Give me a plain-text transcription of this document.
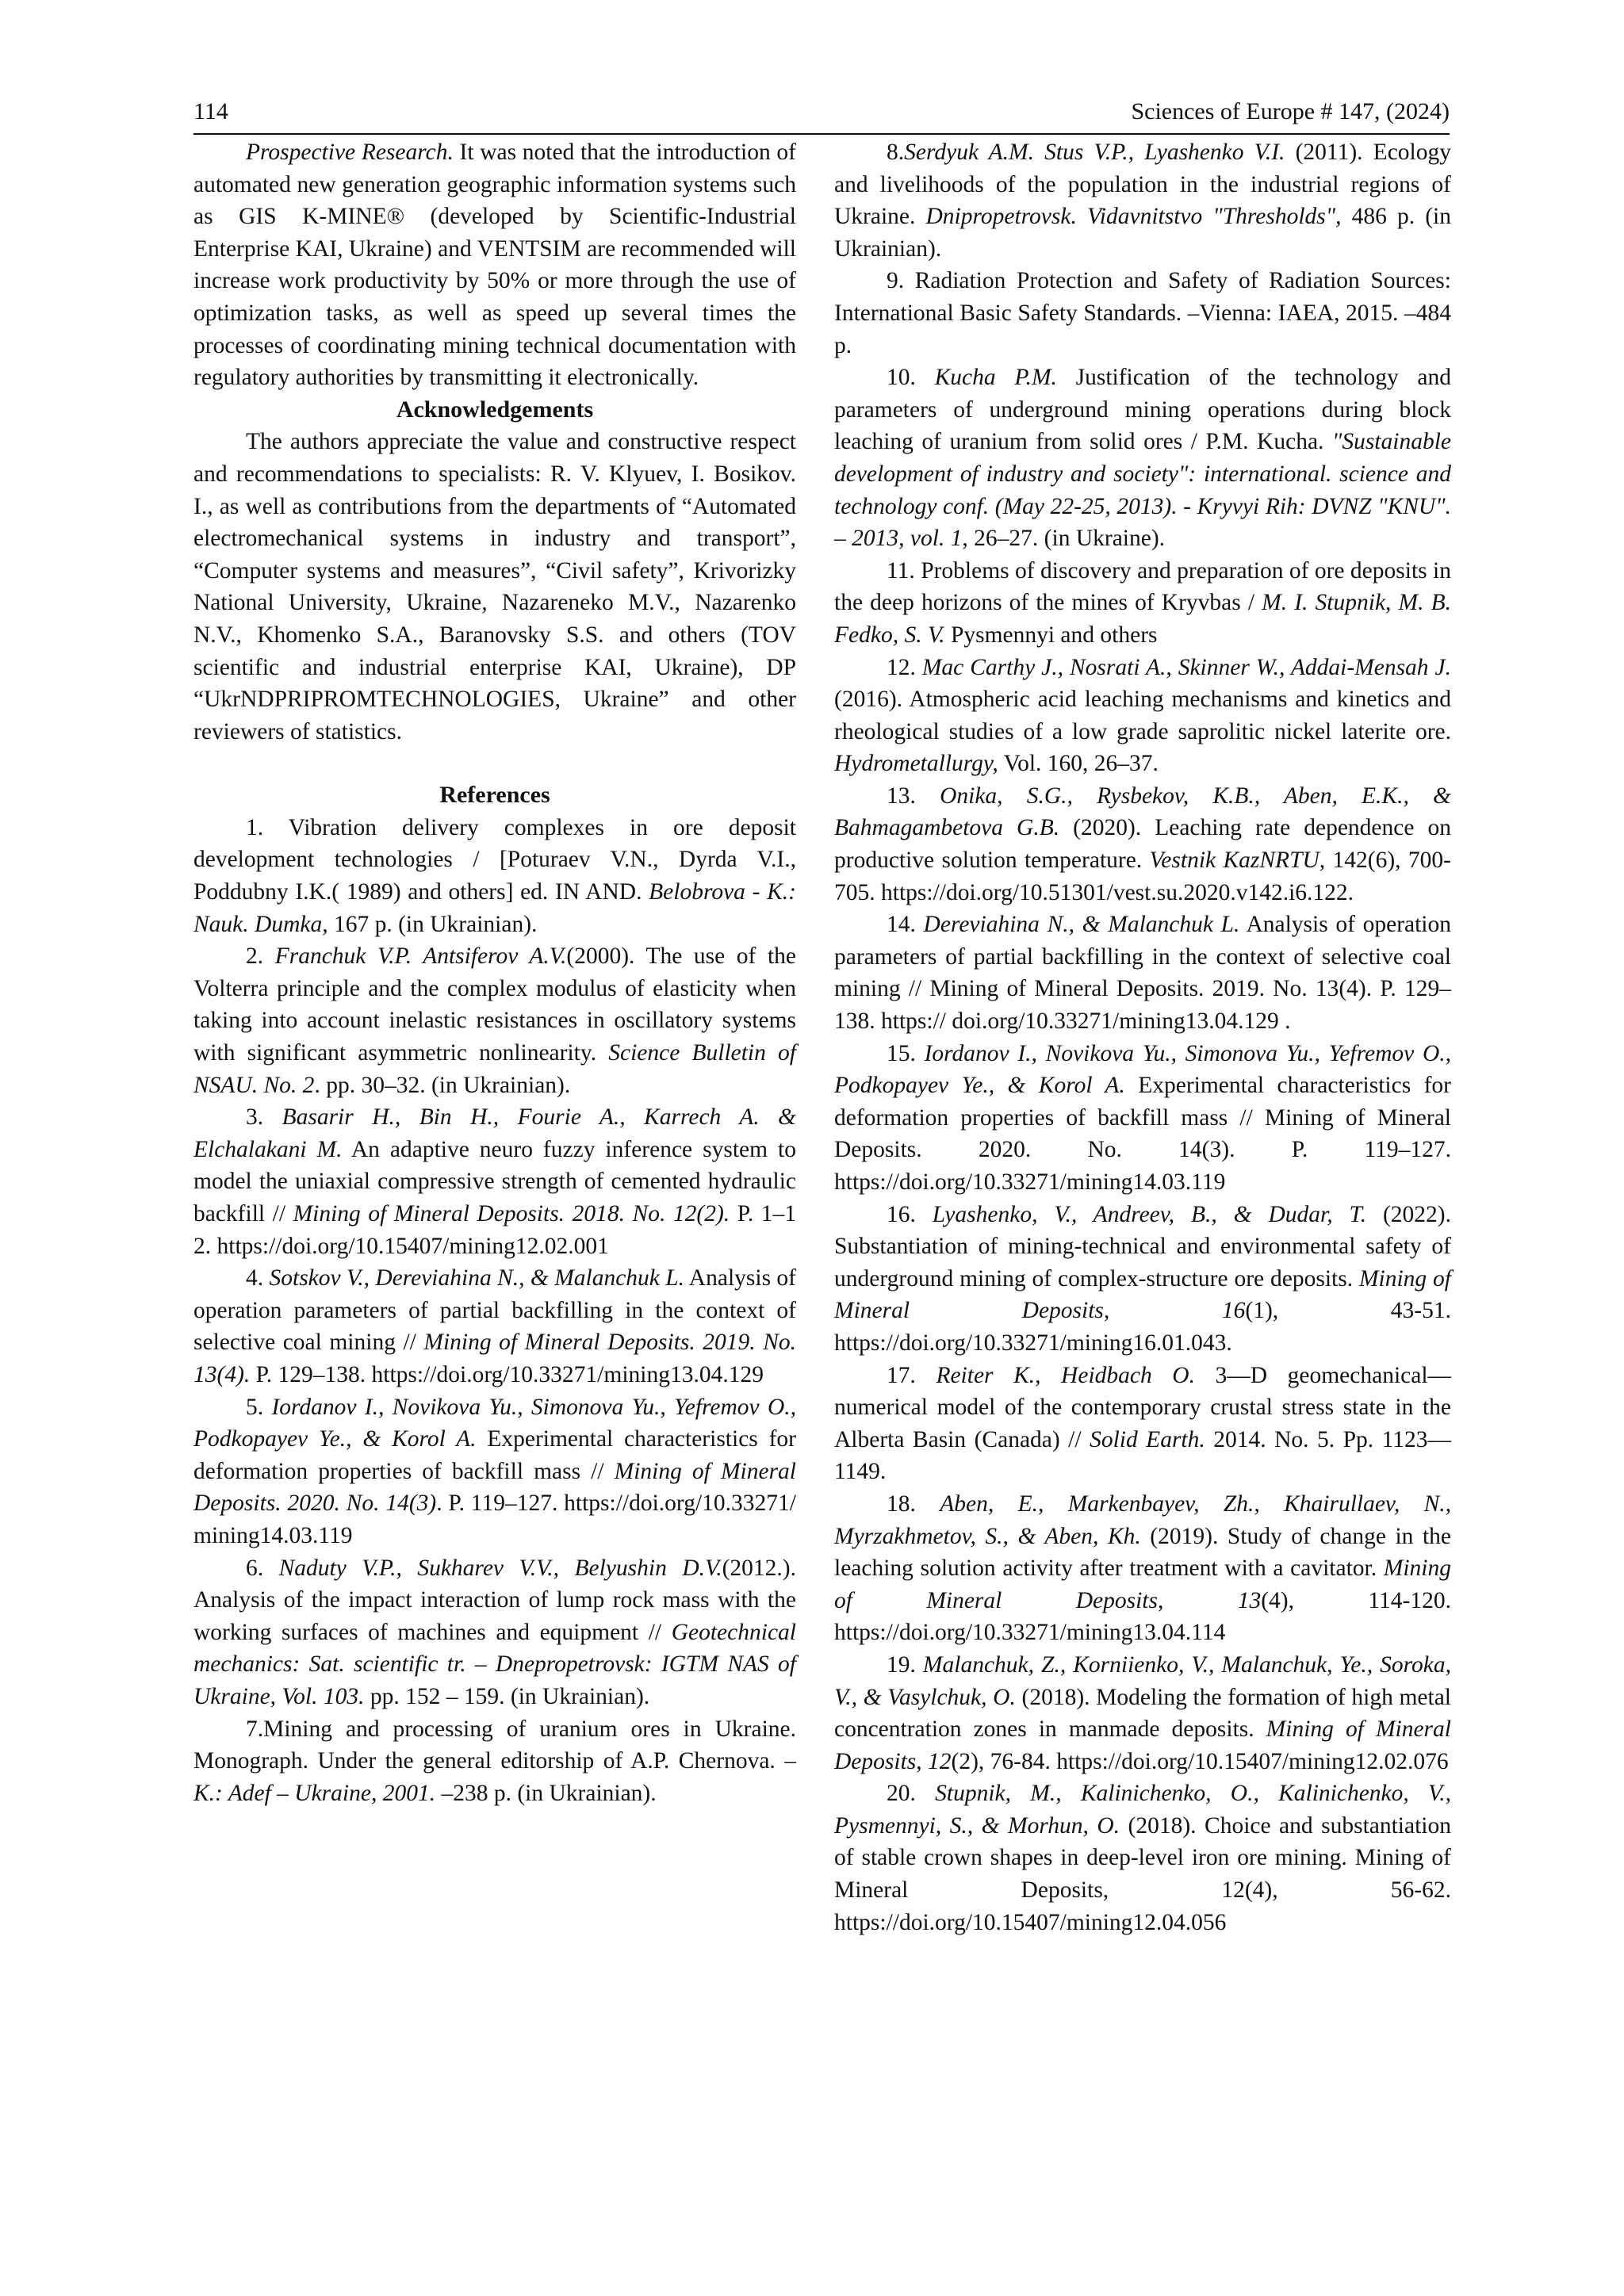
114	Sciences of Europe # 147, (2024)

Prospective Research. It was noted that the introduction of automated new generation geographic information systems such as GIS K-MINE® (developed by Scientific-Industrial Enterprise KAI, Ukraine) and VENTSIM are recommended will increase work productivity by 50% or more through the use of optimization tasks, as well as speed up several times the processes of coordinating mining technical documentation with regulatory authorities by transmitting it electronically.

Acknowledgements

The authors appreciate the value and constructive respect and recommendations to specialists: R. V. Klyuev, I. Bosikov. I., as well as contributions from the departments of “Automated electromechanical systems in industry and transport”, “Computer systems and measures”, “Civil safety”, Krivorizky National University, Ukraine, Nazareneko M.V., Nazarenko N.V., Khomenko S.A., Baranovsky S.S. and others (TOV scientific and industrial enterprise KAI, Ukraine), DP “UkrNDPRIPROMTECHNOLOGIES, Ukraine” and other reviewers of statistics.

References

1. Vibration delivery complexes in ore deposit development technologies / [Poturaev V.N., Dyrda V.I., Poddubny I.K.( 1989) and others] ed. IN AND. Belobrova - K.: Nauk. Dumka, 167 p. (in Ukrainian).

2. Franchuk V.P. Antsiferov A.V.(2000). The use of the Volterra principle and the complex modulus of elasticity when taking into account inelastic resistances in oscillatory systems with significant asymmetric nonlinearity. Science Bulletin of NSAU. No. 2. pp. 30–32. (in Ukrainian).

3. Basarir H., Bin H., Fourie A., Karrech A. & Elchalakani M. An adaptive neuro fuzzy inference system to model the uniaxial compressive strength of cemented hydraulic backfill // Mining of Mineral Deposits. 2018. No. 12(2). P. 1–12. https://doi.org/10.15407/mining12.02.001

4. Sotskov V., Dereviahina N., & Malanchuk L. Analysis of operation parameters of partial backfilling in the context of selective coal mining // Mining of Mineral Deposits. 2019. No. 13(4). P. 129–138. https://doi.org/10.33271/mining13.04.129

5. Iordanov I., Novikova Yu., Simonova Yu., Yefremov O., Podkopayev Ye., & Korol A. Experimental characteristics for deformation properties of backfill mass // Mining of Mineral Deposits. 2020. No. 14(3). P. 119–127. https://doi.org/10.33271/mining14.03.119

6. Naduty V.P., Sukharev V.V., Belyushin D.V.(2012.). Analysis of the impact interaction of lump rock mass with the working surfaces of machines and equipment // Geotechnical mechanics: Sat. scientific tr. – Dnepropetrovsk: IGTM NAS of Ukraine, Vol. 103. pp. 152 – 159. (in Ukrainian).

7.Mining and processing of uranium ores in Ukraine. Monograph. Under the general editorship of A.P. Chernova. –K.: Adef – Ukraine, 2001. –238 p. (in Ukrainian).

8.Serdyuk A.M. Stus V.P., Lyashenko V.I. (2011). Ecology and livelihoods of the population in the industrial regions of Ukraine. Dnipropetrovsk. Vidavnitstvo "Thresholds", 486 p. (in Ukrainian).

9. Radiation Protection and Safety of Radiation Sources: International Basic Safety Standards. –Vienna: IAEA, 2015. –484 p.

10. Kucha P.M. Justification of the technology and parameters of underground mining operations during block leaching of uranium from solid ores / P.M. Kucha. "Sustainable development of industry and society": international. science and technology conf. (May 22-25, 2013). - Kryvyi Rih: DVNZ "KNU". – 2013, vol. 1, 26–27. (in Ukraine).

11. Problems of discovery and preparation of ore deposits in the deep horizons of the mines of Kryvbas / M. I. Stupnik, M. B. Fedko, S. V. Pysmennyi and others

12. Mac Carthy J., Nosrati A., Skinner W., Addai-Mensah J. (2016). Atmospheric acid leaching mechanisms and kinetics and rheological studies of a low grade saprolitic nickel laterite ore. Hydrometallurgy, Vol. 160, 26–37.

13. Onika, S.G., Rysbekov, K.B., Aben, E.K., & Bahmagambetova G.B. (2020). Leaching rate dependence on productive solution temperature. Vestnik KazNRTU, 142(6), 700-705. https://doi.org/10.51301/vest.su.2020.v142.i6.122.

14. Dereviahina N., & Malanchuk L. Analysis of operation parameters of partial backfilling in the context of selective coal mining // Mining of Mineral Deposits. 2019. No. 13(4). P. 129–138. https:// doi.org/10.33271/mining13.04.129 .

15. Iordanov I., Novikova Yu., Simonova Yu., Yefremov O., Podkopayev Ye., & Korol A. Experimental characteristics for deformation properties of backfill mass // Mining of Mineral Deposits. 2020. No. 14(3). P. 119–127. https://doi.org/10.33271/mining14.03.119

16. Lyashenko, V., Andreev, B., & Dudar, T. (2022). Substantiation of mining-technical and environmental safety of underground mining of complex-structure ore deposits. Mining of Mineral Deposits, 16(1), 43-51. https://doi.org/10.33271/mining16.01.043.

17. Reiter K., Heidbach O. 3—D geomechanical—numerical model of the contemporary crustal stress state in the Alberta Basin (Canada) // Solid Earth. 2014. No. 5. Pp. 1123—1149.

18. Aben, E., Markenbayev, Zh., Khairullaev, N., Myrzakhmetov, S., & Aben, Kh. (2019). Study of change in the leaching solution activity after treatment with a cavitator. Mining of Mineral Deposits, 13(4), 114-120. https://doi.org/10.33271/mining13.04.114

19. Malanchuk, Z., Korniienko, V., Malanchuk, Ye., Soroka, V., & Vasylchuk, O. (2018). Modeling the formation of high metal concentration zones in manmade deposits. Mining of Mineral Deposits, 12(2), 76-84. https://doi.org/10.15407/mining12.02.076

20. Stupnik, M., Kalinichenko, O., Kalinichenko, V., Pysmennyi, S., & Morhun, O. (2018). Choice and substantiation of stable crown shapes in deep-level iron ore mining. Mining of Mineral Deposits, 12(4), 56-62. https://doi.org/10.15407/mining12.04.056
